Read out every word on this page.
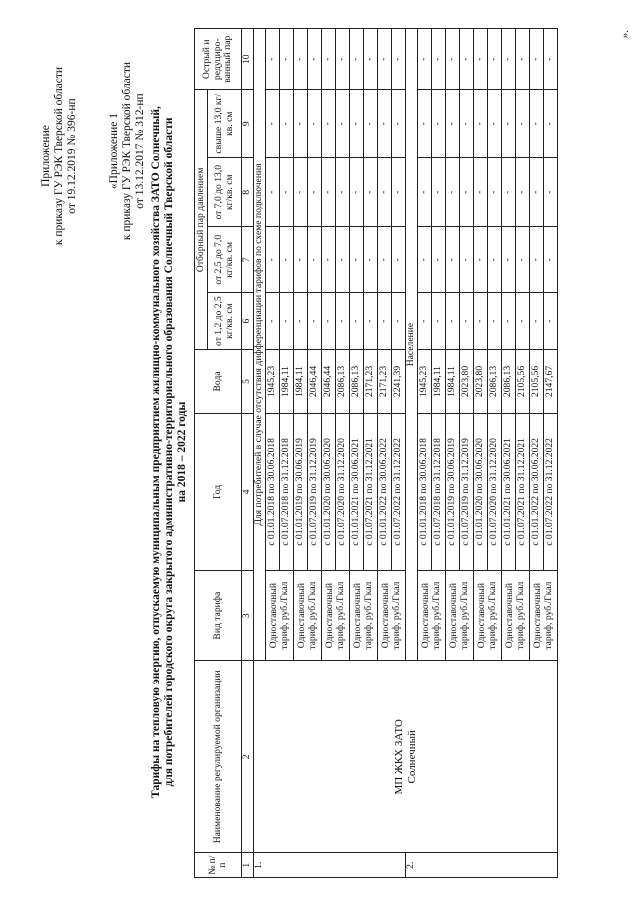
Приложение к приказу ГУ РЭК Тверской области от 19.12.2019 № 396-нп	«Приложение 1 к приказу ГУ РЭК Тверской области от 13.12.2017 № 312-нп Тарифы на тепловую энергию, отпускаемую муниципальным предприятием жилищно-коммунального хозяйства ЗАТО Солнечный, для потребителей городского округа закрытого административно-территориального образования Солнечный Тверской области на 2018 – 2022 годы
№ п/ п	Наименование регулируемой организации	Вид тарифа	Год	Вода	Отборный пар давлением				Острый и редуциро-ванный пар
					от 1,2 до 2,5 кг/кв. см	от 2,5 до 7,0 кг/кв. см	от 7,0 до 13,0 кг/кв. см	свыше 13,0 кг/кв. см	
1	2	3	4	5	6	7	8	9	10
1.	МП ЖКХ ЗАТО Солнечный	Для потребителей в случае отсутствия дифференциации тарифов по схеме подключения							
		Одноставочный тариф, руб./Гкал	с 01.01.2018 по 30.06.2018	1945,23	-	-	-	-	-
			с 01.07.2018 по 31.12.2018	1984,11	-	-	-	-	-
		Одноставочный тариф, руб./Гкал	с 01.01.2019 по 30.06.2019	1984,11	-	-	-	-	-
			с 01.07.2019 по 31.12.2019	2046,44	-	-	-	-	-
		Одноставочный тариф, руб./Гкал	с 01.01.2020 по 30.06.2020	2046,44	-	-	-	-	-
			с 01.07.2020 по 31.12.2020	2086,13	-	-	-	-	-
		Одноставочный тариф, руб./Гкал	с 01.01.2021 по 30.06.2021	2086,13	-	-	-	-	-
			с 01.07.2021 по 31.12.2021	2171,23	-	-	-	-	-
		Одноставочный тариф, руб./Гкал	с 01.01.2022 по 30.06.2022	2171,23	-	-	-	-	-
			с 01.07.2022 по 31.12.2022	2241,39	-	-	-	-	-
2.		Население							
		Одноставочный тариф, руб./Гкал	с 01.01.2018 по 30.06.2018	1945,23	-	-	-	-	-
			с 01.07.2018 по 31.12.2018	1984,11	-	-	-	-	-
		Одноставочный тариф, руб./Гкал	с 01.01.2019 по 30.06.2019	1984,11	-	-	-	-	-
			с 01.07.2019 по 31.12.2019	2023,80	-	-	-	-	-
		Одноставочный тариф, руб./Гкал	с 01.01.2020 по 30.06.2020	2023,80	-	-	-	-	-
			с 01.07.2020 по 31.12.2020	2086,13	-	-	-	-	-
		Одноставочный тариф, руб./Гкал	с 01.01.2021 по 30.06.2021	2086,13	-	-	-	-	-
			с 01.07.2021 по 31.12.2021	2105,56	-	-	-	-	-
		Одноставочный тариф, руб./Гкал	с 01.01.2022 по 30.06.2022	2105,56	-	-	-	-	-
			с 01.07.2022 по 31.12.2022	2147,67	-	-	-	-	-
».
